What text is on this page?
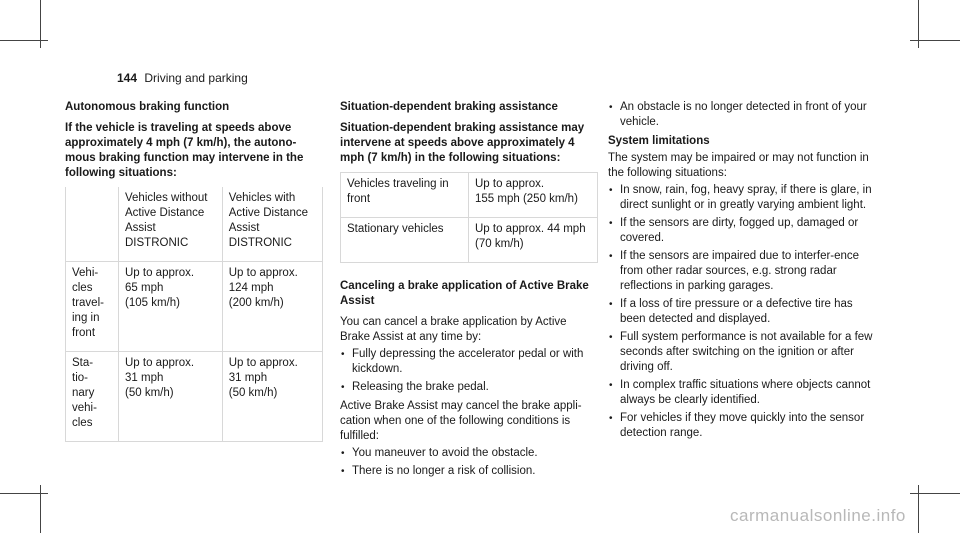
144 Driving and parking
Autonomous braking function

If the vehicle is traveling at speeds above approximately 4 mph (7 km/h), the autono-mous braking function may intervene in the following situations:

	Vehicles without
Active Distance
Assist
DISTRONIC	Vehicles with
Active Distance
Assist
DISTRONIC
Vehi-
cles
travel-
ing in
front	Up to approx.
65 mph
(105 km/h)	Up to approx.
124 mph
(200 km/h)
Sta-
tio-
nary
vehi-
cles	Up to approx.
31 mph
(50 km/h)	Up to approx.
31 mph
(50 km/h)
Situation-dependent braking assistance

Situation-dependent braking assistance may intervene at speeds above approximately 4 mph (7 km/h) in the following situations:

Vehicles traveling in
front	Up to approx.
155 mph (250 km/h)
Stationary vehicles	Up to approx. 44 mph
(70 km/h)
Canceling a brake application of Active Brake Assist

You can cancel a brake application by Active Brake Assist at any time by:

• Fully depressing the accelerator pedal or with kickdown.
• Releasing the brake pedal.

Active Brake Assist may cancel the brake appli-cation when one of the following conditions is fulfilled:

• You maneuver to avoid the obstacle.
• There is no longer a risk of collision.
• An obstacle is no longer detected in front of your vehicle.
System limitations

The system may be impaired or may not function in the following situations:

• In snow, rain, fog, heavy spray, if there is glare, in direct sunlight or in greatly varying ambient light.
• If the sensors are dirty, fogged up, damaged or covered.
• If the sensors are impaired due to interfer-ence from other radar sources, e.g. strong radar reflections in parking garages.
• If a loss of tire pressure or a defective tire has been detected and displayed.
• Full system performance is not available for a few seconds after switching on the ignition or after driving off.
• In complex traffic situations where objects cannot always be clearly identified.
• For vehicles if they move quickly into the sensor detection range.
carmanualsonline.info
